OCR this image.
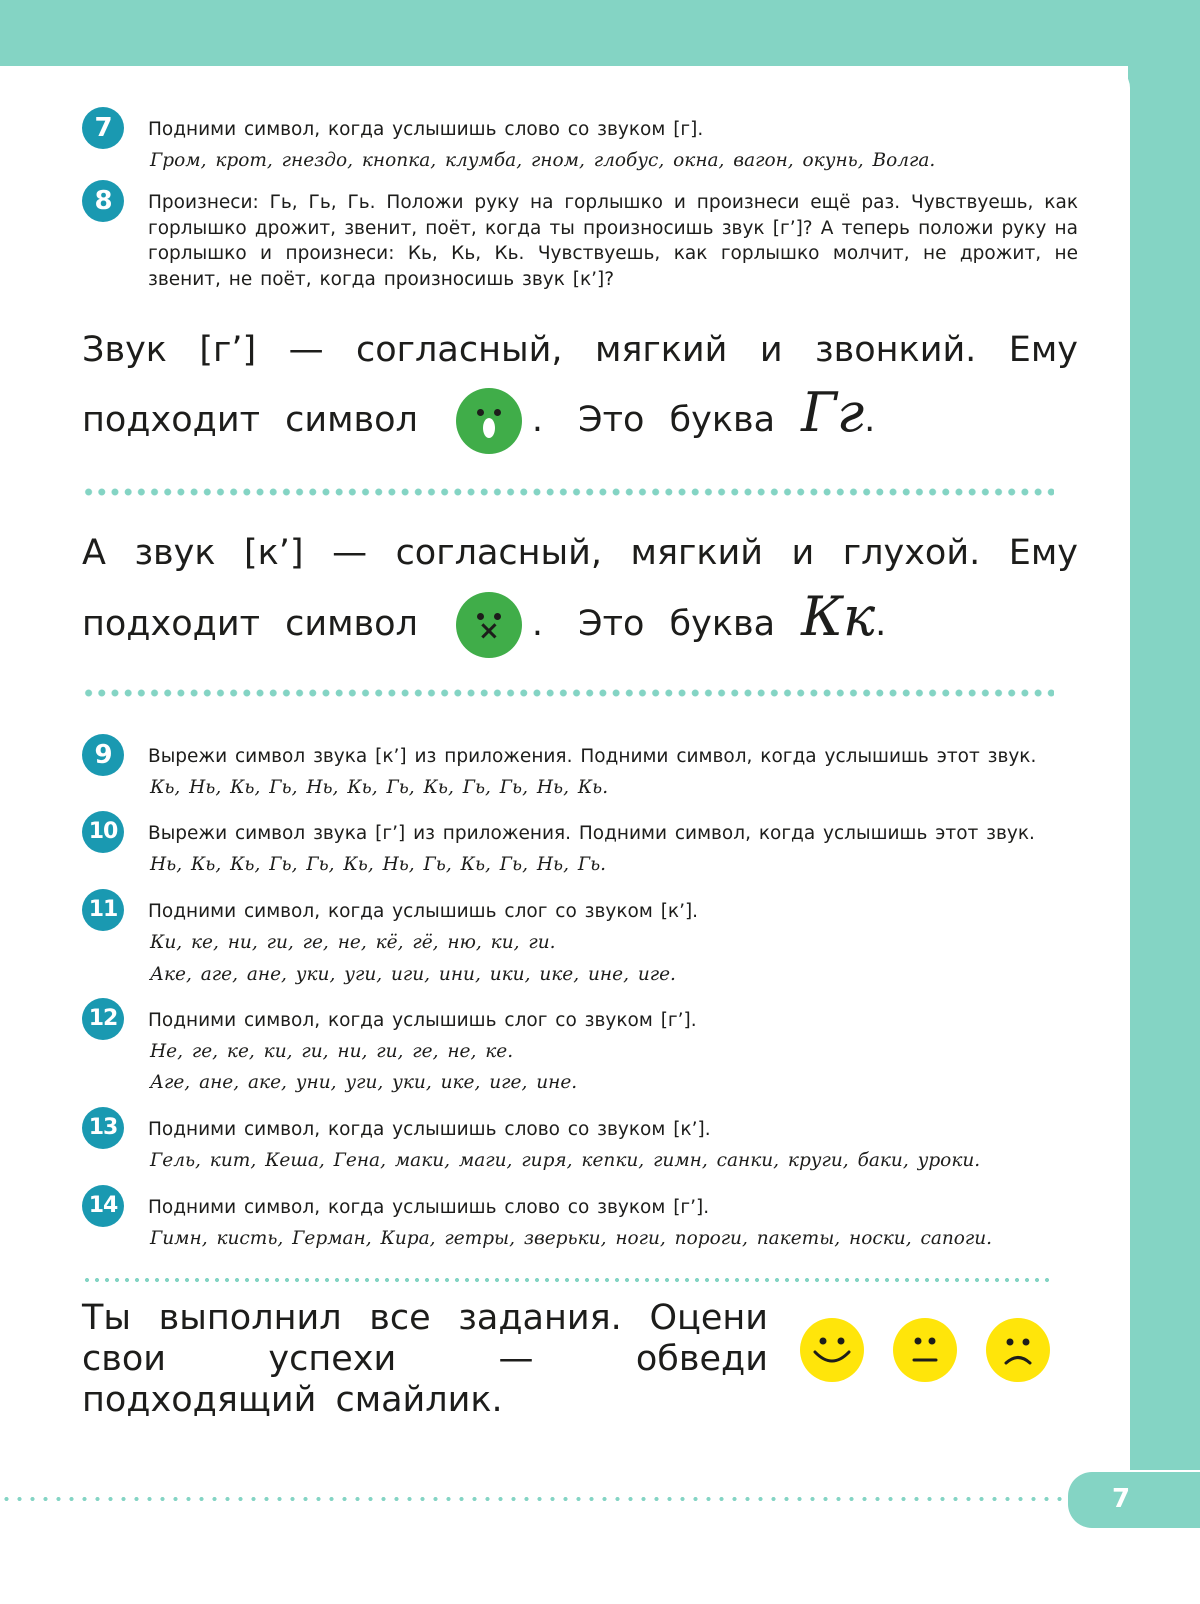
7	Подними символ, когда услышишь слово со звуком [г].
Гром, крот, гнездо, кнопка, клумба, гном, глобус, окна, вагон, окунь, Волга.
8	Произнеси: Гь, Гь, Гь. Положи руку на горлышко и произнеси ещё раз. Чувствуешь, как горлышко дрожит, звенит, поёт, когда ты произносишь звук [г’]? А теперь положи руку на горлышко и произнеси: Кь, Кь, Кь. Чувствуешь, как горлышко молчит, не дрожит, не звенит, не поёт, когда произносишь звук [к’]?
Звук [г’] — согласный, мягкий и звонкий. Ему
подходит символ	. Это буква Гг.
А звук [к’] — согласный, мягкий и глухой. Ему
подходит символ × . Это буква Кк.
9	Вырежи символ звука [к’] из приложения. Подними символ, когда услышишь этот звук.
Кь, Нь, Кь, Гь, Нь, Кь, Гь, Кь, Гь, Гь, Нь, Кь.
10	Вырежи символ звука [г’] из приложения. Подними символ, когда услышишь этот звук.
Нь, Кь, Кь, Гь, Гь, Кь, Нь, Гь, Кь, Гь, Нь, Гь.
11	Подними символ, когда услышишь слог со звуком [к’].
Ки, ке, ни, ги, ге, не, кё, гё, ню, ки, ги.
Аке, аге, ане, уки, уги, иги, ини, ики, ике, ине, иге.
12	Подними символ, когда услышишь слог со звуком [г’].
Не, ге, ке, ки, ги, ни, ги, ге, не, ке.
Аге, ане, аке, уни, уги, уки, ике, иге, ине.
13	Подними символ, когда услышишь слово со звуком [к’].
Гель, кит, Кеша, Гена, маки, маги, гиря, кепки, гимн, санки, круги, баки, уроки.
14	Подними символ, когда услышишь слово со звуком [г’].
Гимн, кисть, Герман, Кира, гетры, зверьки, ноги, пороги, пакеты, носки, сапоги.
Ты выполнил все задания. Оцени свои успехи — обведи подходящий смайлик.
7
